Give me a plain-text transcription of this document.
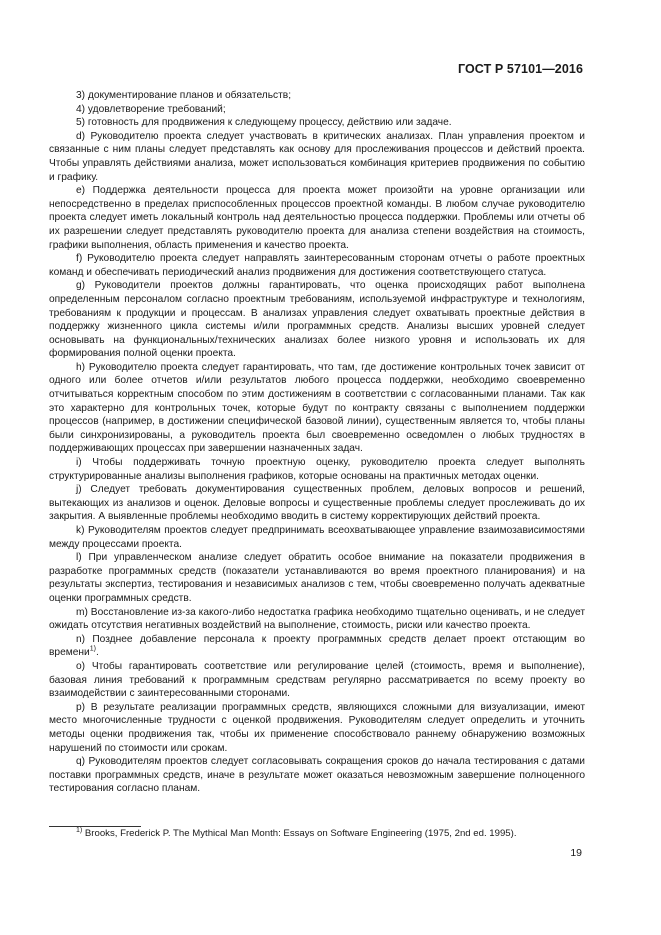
ГОСТ Р 57101—2016

3) документирование планов и обязательств;

4) удовлетворение требований;

5) готовность для продвижения к следующему процессу, действию или задаче.

d) Руководителю проекта следует участвовать в критических анализах. План управления проектом и связанные с ним планы следует представлять как основу для прослеживания процессов и действий проекта. Чтобы управлять действиями анализа, может использоваться комбинация критериев продвижения по событию и графику.

e) Поддержка деятельности процесса для проекта может произойти на уровне организации или непосредственно в пределах приспособленных процессов проектной команды. В любом случае руководителю проекта следует иметь локальный контроль над деятельностью процесса поддержки. Проблемы или отчеты об их разрешении следует представлять руководителю проекта для анализа степени воздействия на стоимость, графики выполнения, область применения и качество проекта.

f) Руководителю проекта следует направлять заинтересованным сторонам отчеты о работе проектных команд и обеспечивать периодический анализ продвижения для достижения соответствующего статуса.

g) Руководители проектов должны гарантировать, что оценка происходящих работ выполнена определенным персоналом согласно проектным требованиям, используемой инфраструктуре и технологиям, требованиям к продукции и процессам. В анализах управления следует охватывать проектные действия в поддержку жизненного цикла системы и/или программных средств. Анализы высших уровней следует основывать на функциональных/технических анализах более низкого уровня и использовать их для формирования полной оценки проекта.

h) Руководителю проекта следует гарантировать, что там, где достижение контрольных точек зависит от одного или более отчетов и/или результатов любого процесса поддержки, необходимо своевременно отчитываться корректным способом по этим достижениям в соответствии с согласованными планами. Так как это характерно для контрольных точек, которые будут по контракту связаны с выполнением поддержки процессов (например, в достижении специфической базовой линии), существенным является то, чтобы планы были синхронизированы, а руководитель проекта был своевременно осведомлен о любых трудностях в поддерживающих процессах при завершении назначенных задач.

i) Чтобы поддерживать точную проектную оценку, руководителю проекта следует выполнять структурированные анализы выполнения графиков, которые основаны на практичных методах оценки.

j) Следует требовать документирования существенных проблем, деловых вопросов и решений, вытекающих из анализов и оценок. Деловые вопросы и существенные проблемы следует прослеживать до их закрытия. А выявленные проблемы необходимо вводить в систему корректирующих действий проекта.

k) Руководителям проектов следует предпринимать всеохватывающее управление взаимозависимостями между процессами проекта.

l) При управленческом анализе следует обратить особое внимание на показатели продвижения в разработке программных средств (показатели устанавливаются во время проектного планирования) и на результаты экспертиз, тестирования и независимых анализов с тем, чтобы своевременно получать адекватные оценки программных средств.

m) Восстановление из-за какого-либо недостатка графика необходимо тщательно оценивать, и не следует ожидать отсутствия негативных воздействий на выполнение, стоимость, риски или качество проекта.

n) Позднее добавление персонала к проекту программных средств делает проект отстающим во времени$^{1)}$.

o) Чтобы гарантировать соответствие или регулирование целей (стоимость, время и выполнение), базовая линия требований к программным средствам регулярно рассматривается по всему проекту во взаимодействии с заинтересованными сторонами.

p) В результате реализации программных средств, являющихся сложными для визуализации, имеют место многочисленные трудности с оценкой продвижения. Руководителям следует определить и уточнить методы оценки продвижения так, чтобы их применение способствовало раннему обнаружению возможных нарушений по стоимости или срокам.

q) Руководителям проектов следует согласовывать сокращения сроков до начала тестирования с датами поставки программных средств, иначе в результате может оказаться невозможным завершение полноценного тестирования согласно планам.

$^{1)}$ Brooks, Frederick P. The Mythical Man Month: Essays on Software Engineering (1975, 2nd ed. 1995).
19
